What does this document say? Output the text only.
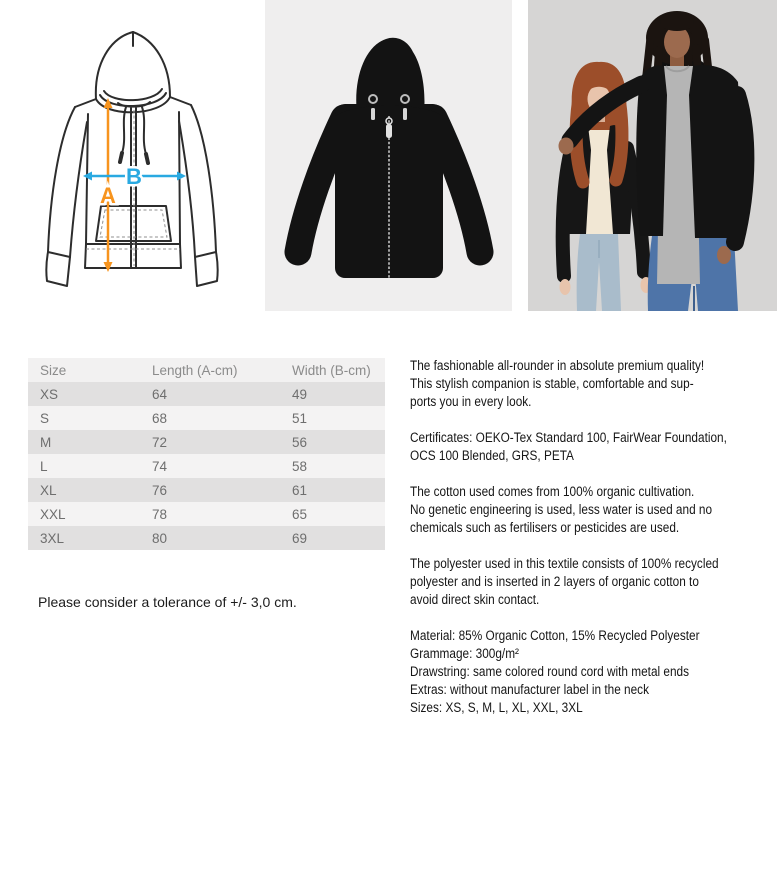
A
B
Size	Length (A-cm)	Width (B-cm)
XS	64	49
S	68	51
M	72	56
L	74	58
XL	76	61
XXL	78	65
3XL	80	69
Please consider a tolerance of +/- 3,0 cm.
The fashionable all-rounder in absolute premium quality!
This stylish companion is stable, comfortable and sup-
ports you in every look.
Certificates: OEKO-Tex Standard 100, FairWear Foundation,
OCS 100 Blended, GRS, PETA
The cotton used comes from 100% organic cultivation.
No genetic engineering is used, less water is used and no
chemicals such as fertilisers or pesticides are used.
The polyester used in this textile consists of 100% recycled
polyester and is inserted in 2 layers of organic cotton to
avoid direct skin contact.
Material: 85% Organic Cotton, 15% Recycled Polyester
Grammage: 300g/m²
Drawstring: same colored round cord with metal ends
Extras: without manufacturer label in the neck
Sizes: XS, S, M, L, XL, XXL, 3XL
